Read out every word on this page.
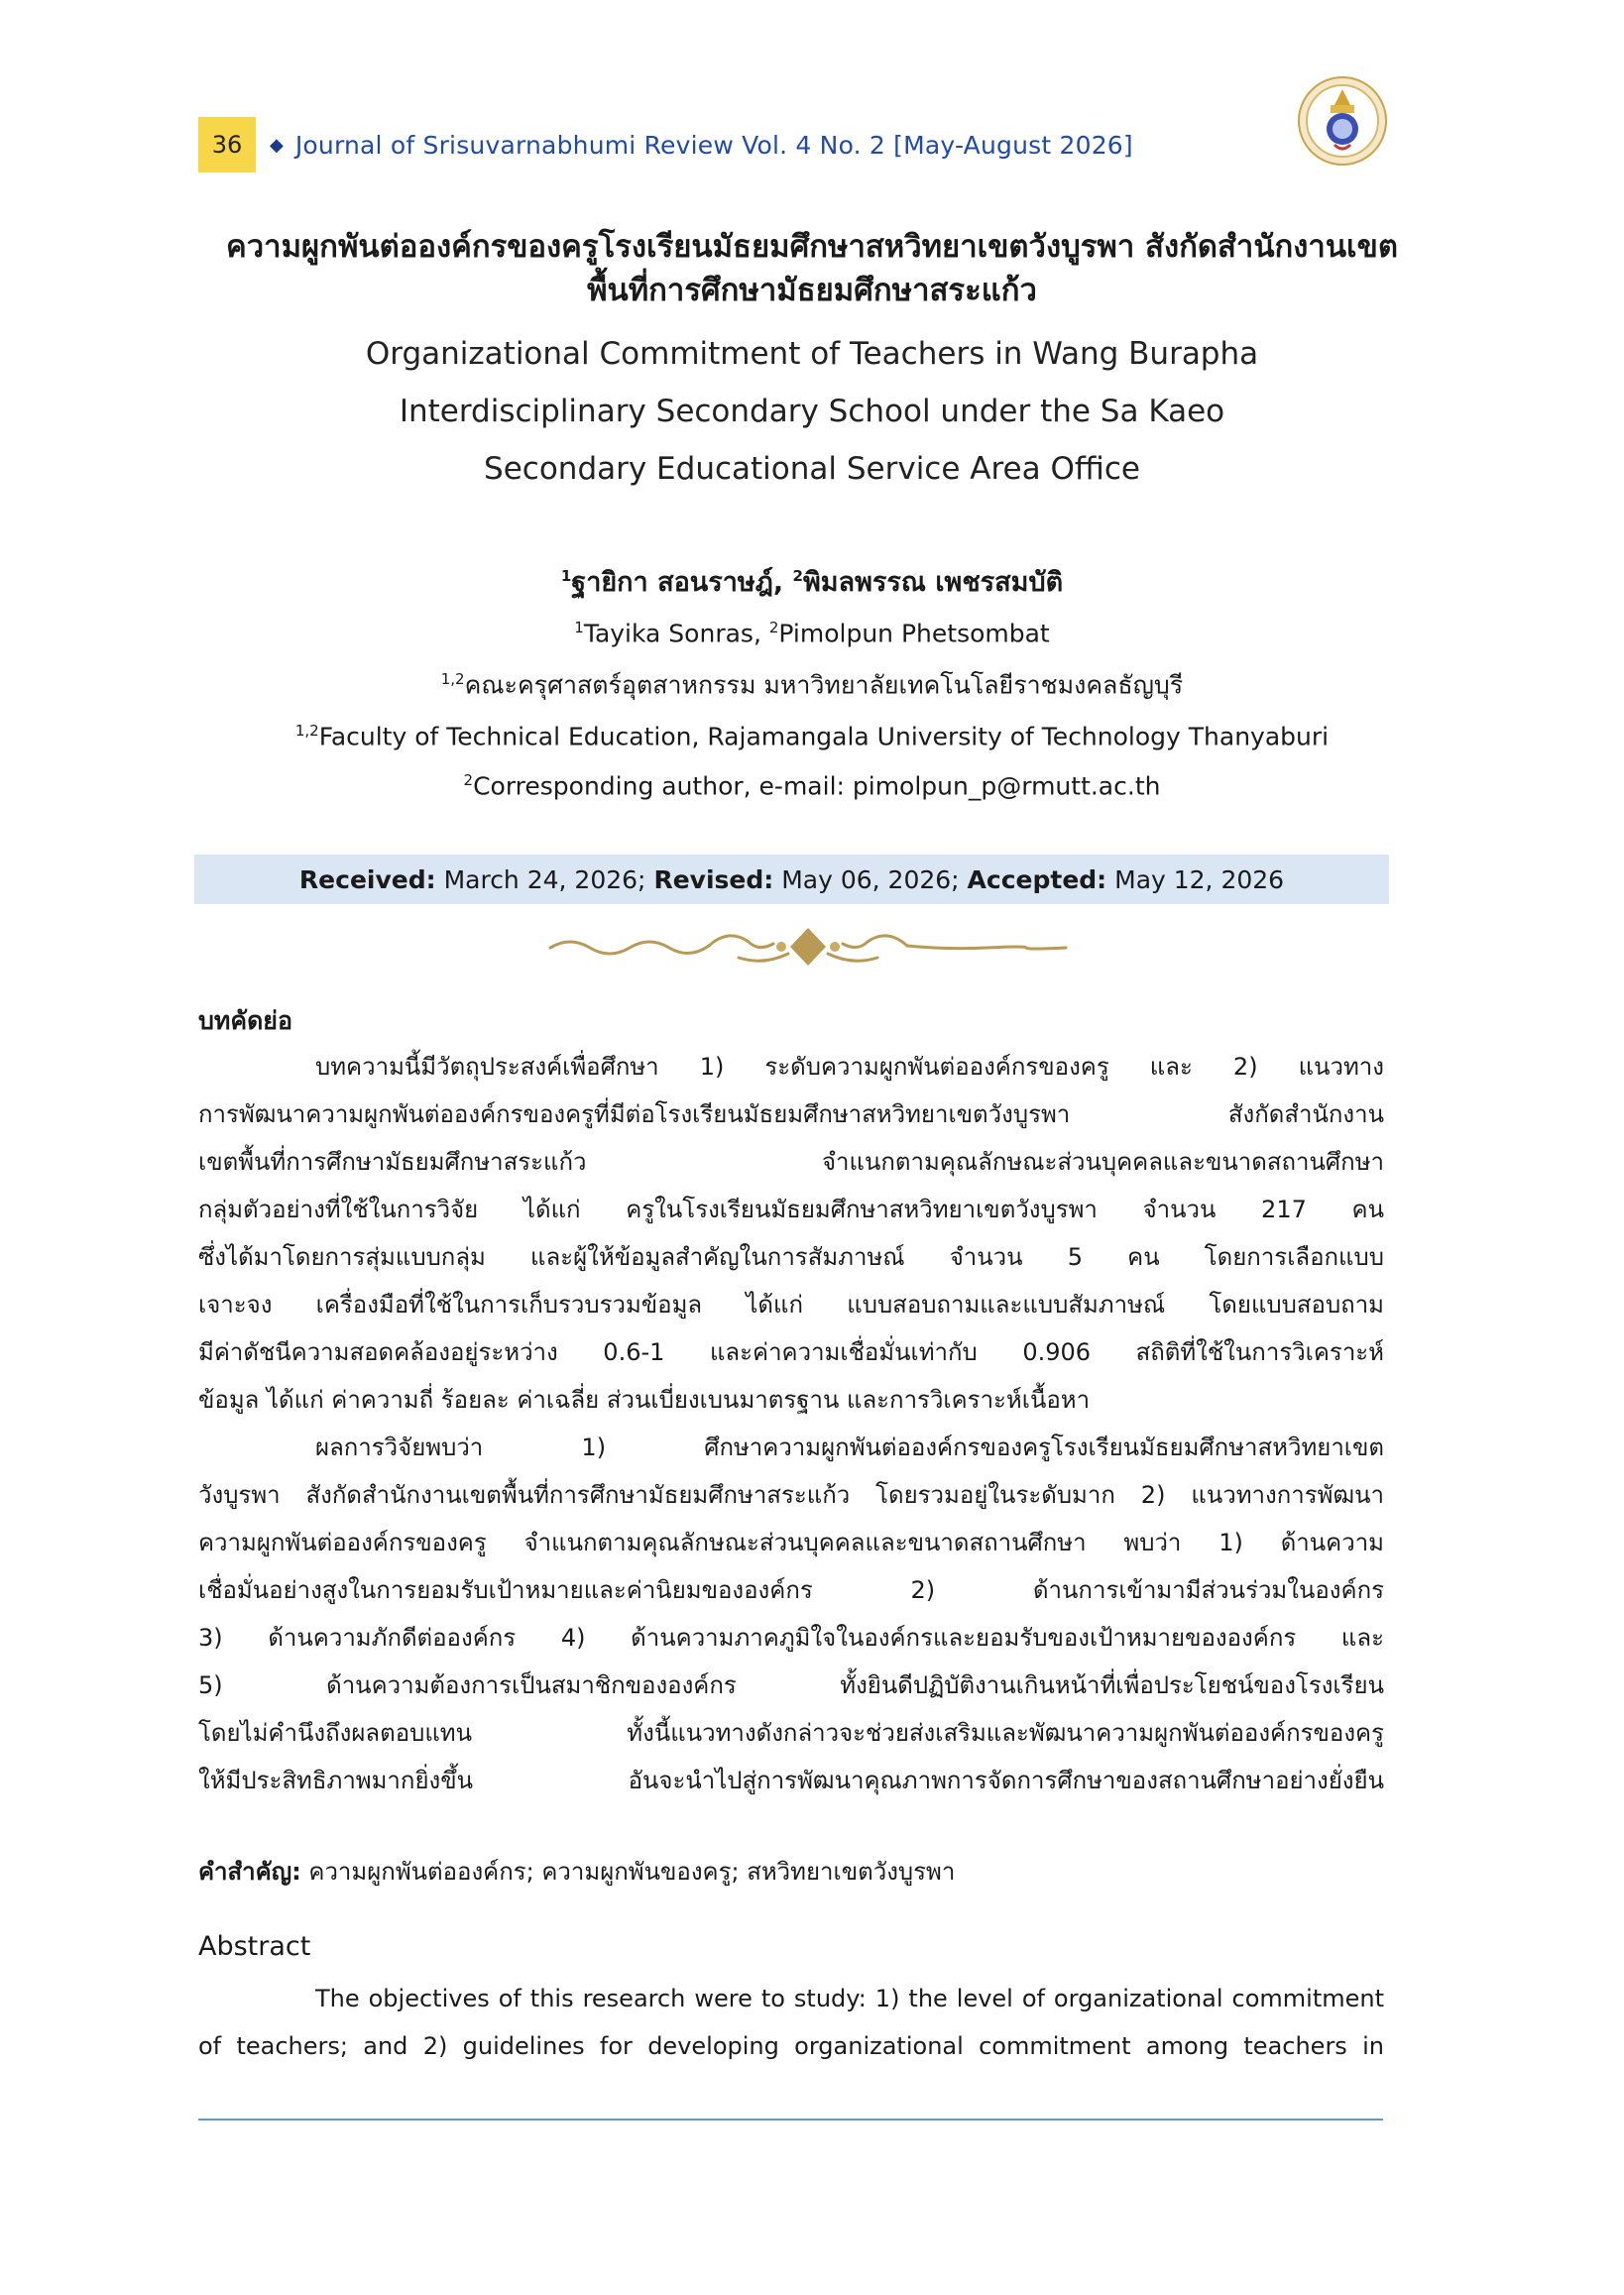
36	◆ Journal of Srisuvarnabhumi Review Vol. 4 No. 2 [May-August 2026]
ความผูกพันต่อองค์กรของครูโรงเรียนมัธยมศึกษาสหวิทยาเขตวังบูรพา สังกัดสำนักงานเขต
พื้นที่การศึกษามัธยมศึกษาสระแก้ว
Organizational Commitment of Teachers in Wang Burapha
Interdisciplinary Secondary School under the Sa Kaeo
Secondary Educational Service Area Office
$^1$ฐายิกา สอนราษฎ์, $^2$พิมลพรรณ เพชรสมบัติ
$^1$Tayika Sonras, $^2$Pimolpun Phetsombat
$^{1,2}$คณะครุศาสตร์อุตสาหกรรม มหาวิทยาลัยเทคโนโลยีราชมงคลธัญบุรี
$^{1,2}$Faculty of Technical Education, Rajamangala University of Technology Thanyaburi
$^2$Corresponding author, e-mail: pimolpun_p@rmutt.ac.th
Received: March 24, 2026; Revised: May 06, 2026; Accepted: May 12, 2026
บทคัดย่อ
บทความนี้มีวัตถุประสงค์เพื่อศึกษา 1) ระดับความผูกพันต่อองค์กรของครู และ 2) แนวทาง
การพัฒนาความผูกพันต่อองค์กรของครูที่มีต่อโรงเรียนมัธยมศึกษาสหวิทยาเขตวังบูรพา สังกัดสำนักงาน
เขตพื้นที่การศึกษามัธยมศึกษาสระแก้ว จำแนกตามคุณลักษณะส่วนบุคคลและขนาดสถานศึกษา
กลุ่มตัวอย่างที่ใช้ในการวิจัย ได้แก่ ครูในโรงเรียนมัธยมศึกษาสหวิทยาเขตวังบูรพา จำนวน 217 คน
ซึ่งได้มาโดยการสุ่มแบบกลุ่ม และผู้ให้ข้อมูลสำคัญในการสัมภาษณ์ จำนวน 5 คน โดยการเลือกแบบ
เจาะจง เครื่องมือที่ใช้ในการเก็บรวบรวมข้อมูล ได้แก่ แบบสอบถามและแบบสัมภาษณ์ โดยแบบสอบถาม
มีค่าดัชนีความสอดคล้องอยู่ระหว่าง 0.6-1 และค่าความเชื่อมั่นเท่ากับ 0.906 สถิติที่ใช้ในการวิเคราะห์
ข้อมูล ได้แก่ ค่าความถี่ ร้อยละ ค่าเฉลี่ย ส่วนเบี่ยงเบนมาตรฐาน และการวิเคราะห์เนื้อหา
ผลการวิจัยพบว่า 1) ศึกษาความผูกพันต่อองค์กรของครูโรงเรียนมัธยมศึกษาสหวิทยาเขต
วังบูรพา สังกัดสำนักงานเขตพื้นที่การศึกษามัธยมศึกษาสระแก้ว โดยรวมอยู่ในระดับมาก 2) แนวทางการพัฒนา
ความผูกพันต่อองค์กรของครู จำแนกตามคุณลักษณะส่วนบุคคลและขนาดสถานศึกษา พบว่า 1) ด้านความ
เชื่อมั่นอย่างสูงในการยอมรับเป้าหมายและค่านิยมขององค์กร 2) ด้านการเข้ามามีส่วนร่วมในองค์กร
3) ด้านความภักดีต่อองค์กร 4) ด้านความภาคภูมิใจในองค์กรและยอมรับของเป้าหมายขององค์กร และ
5) ด้านความต้องการเป็นสมาชิกขององค์กร ทั้งยินดีปฏิบัติงานเกินหน้าที่เพื่อประโยชน์ของโรงเรียน
โดยไม่คำนึงถึงผลตอบแทน ทั้งนี้แนวทางดังกล่าวจะช่วยส่งเสริมและพัฒนาความผูกพันต่อองค์กรของครู
ให้มีประสิทธิภาพมากยิ่งขึ้น อันจะนำไปสู่การพัฒนาคุณภาพการจัดการศึกษาของสถานศึกษาอย่างยั่งยืน
คำสำคัญ: ความผูกพันต่อองค์กร; ความผูกพันของครู; สหวิทยาเขตวังบูรพา
Abstract
The objectives of this research were to study: 1) the level of organizational commitment
of teachers; and 2) guidelines for developing organizational commitment among teachers in
